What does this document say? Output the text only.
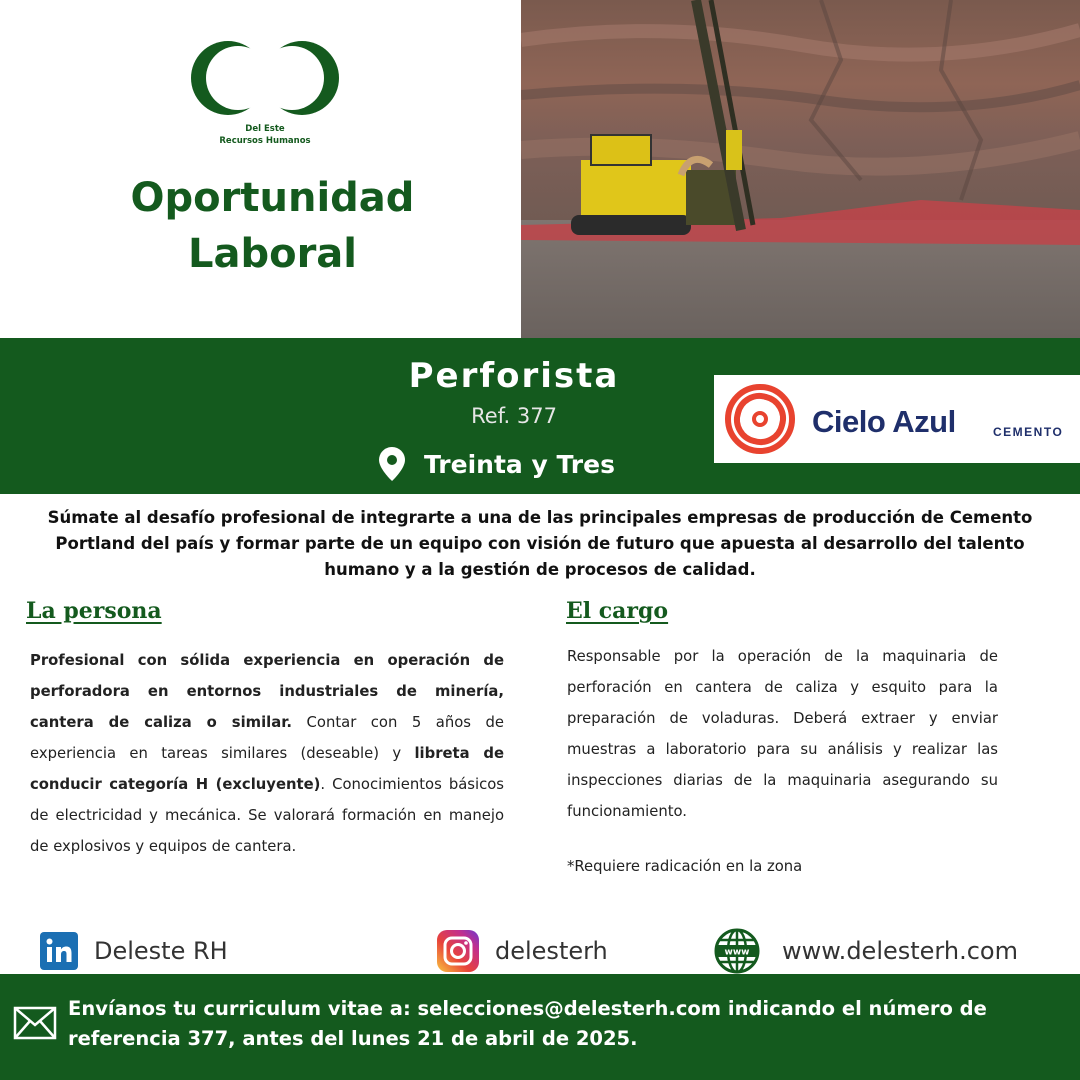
Del Este
Recursos Humanos
Oportunidad
Laboral
Perforista
Ref. 377
Treinta y Tres
Cielo Azul	CEMENTO
Súmate al desafío profesional de integrarte a una de las principales empresas de producción de Cemento Portland del país y formar parte de un equipo con visión de futuro que apuesta al desarrollo del talento humano y a la gestión de procesos de calidad.
La persona
Profesional con sólida experiencia en operación de perforadora en entornos industriales de minería, cantera de caliza o similar. Contar con 5 años de experiencia en tareas similares (deseable) y libreta de conducir categoría H (excluyente). Conocimientos básicos de electricidad y mecánica. Se valorará formación en manejo de explosivos y equipos de cantera.
El cargo
Responsable por la operación de la maquinaria de perforación en cantera de caliza y esquito para la preparación de voladuras. Deberá extraer y enviar muestras a laboratorio para su análisis y realizar las inspecciones diarias de la maquinaria asegurando su funcionamiento.
*Requiere radicación en la zona
Deleste RH	delesterh	www www.delesterh.com
Envíanos tu curriculum vitae a: selecciones@delesterh.com indicando el número de referencia 377, antes del lunes 21 de abril de 2025.
